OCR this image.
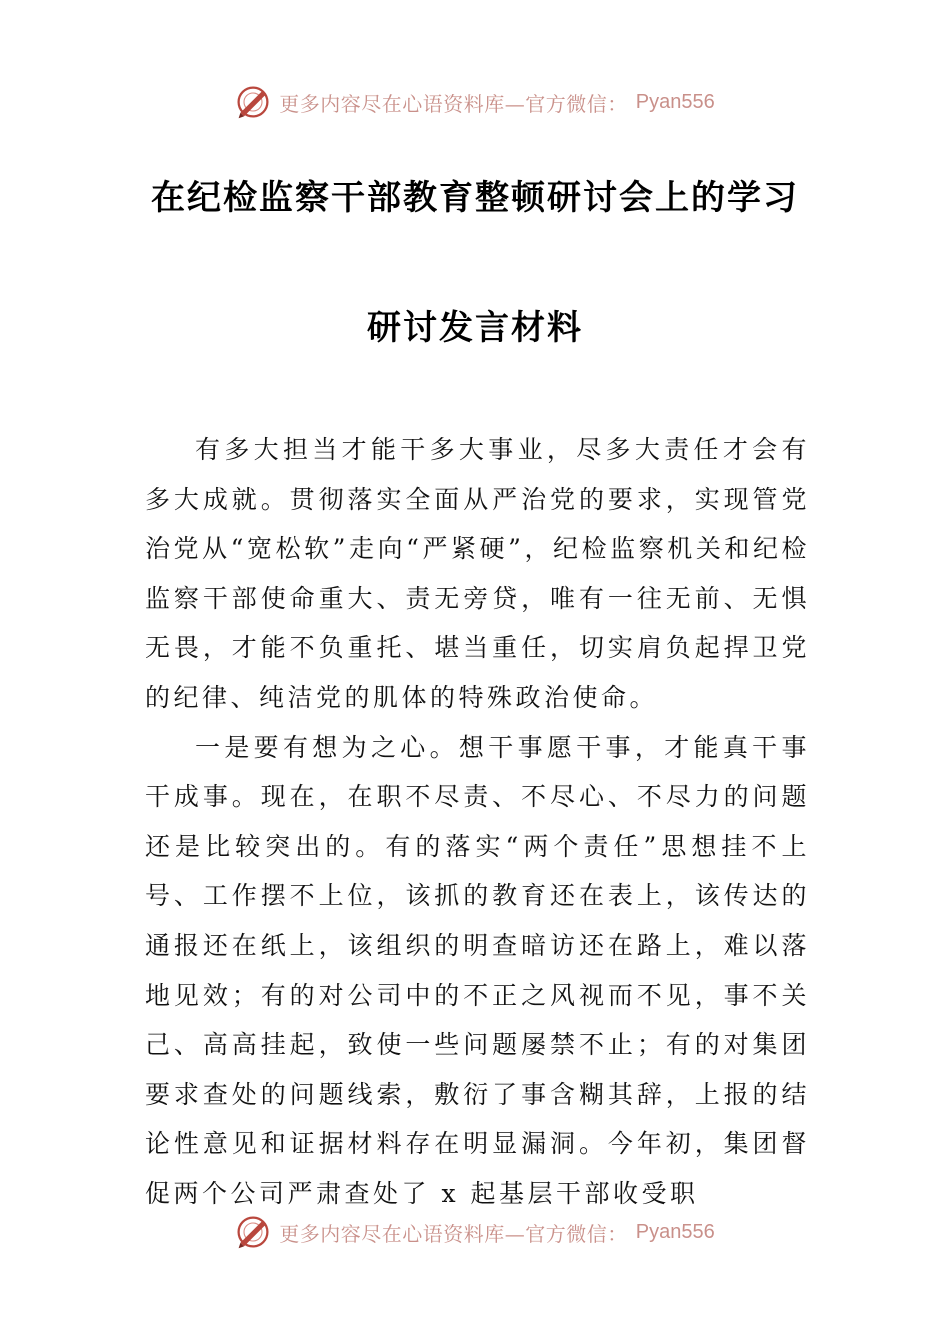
更多内容尽在心语资料库—官方微信： Pyan556
在纪检监察干部教育整顿研讨会上的学习
研讨发言材料

有多大担当才能干多大事业，尽多大责任才会有多大成就。贯彻落实全面从严治党的要求，实现管党治党从“宽松软”走向“严紧硬”，纪检监察机关和纪检监察干部使命重大、责无旁贷，唯有一往无前、无惧无畏，才能不负重托、堪当重任，切实肩负起捍卫党的纪律、纯洁党的肌体的特殊政治使命。

一是要有想为之心。想干事愿干事，才能真干事干成事。现在，在职不尽责、不尽心、不尽力的问题还是比较突出的。有的落实“两个责任”思想挂不上号、工作摆不上位，该抓的教育还在表上，该传达的通报还在纸上，该组织的明查暗访还在路上，难以落地见效；有的对公司中的不正之风视而不见，事不关己、高高挂起，致使一些问题屡禁不止；有的对集团要求查处的问题线索，敷衍了事含糊其辞，上报的结论性意见和证据材料存在明显漏洞。今年初，集团督促两个公司严肃查处了 x 起基层干部收受职

更多内容尽在心语资料库—官方微信： Pyan556
